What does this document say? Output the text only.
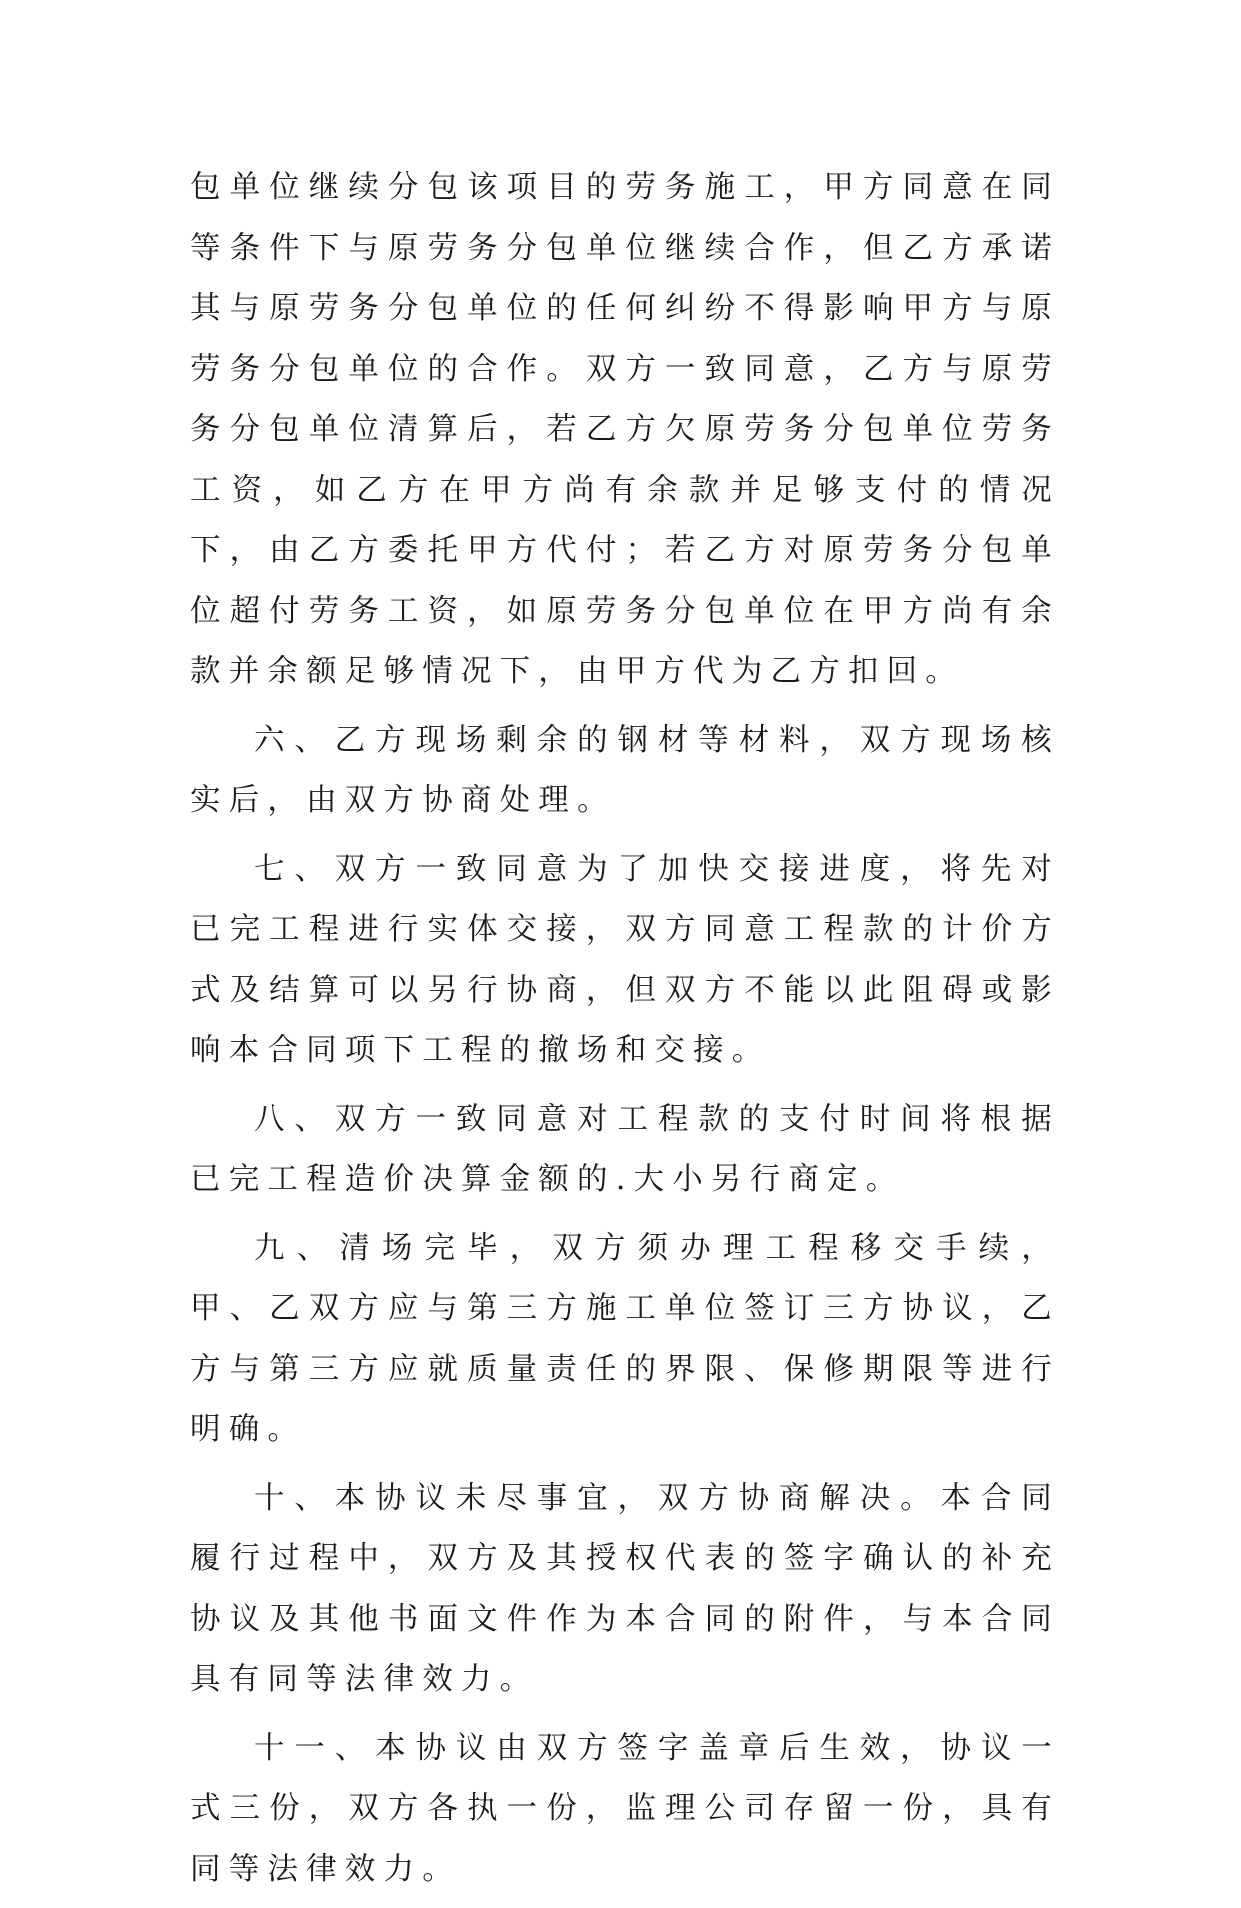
包单位继续分包该项目的劳务施工，甲方同意在同等条件下与原劳务分包单位继续合作，但乙方承诺其与原劳务分包单位的任何纠纷不得影响甲方与原劳务分包单位的合作。双方一致同意，乙方与原劳务分包单位清算后，若乙方欠原劳务分包单位劳务工资，如乙方在甲方尚有余款并足够支付的情况下，由乙方委托甲方代付；若乙方对原劳务分包单位超付劳务工资，如原劳务分包单位在甲方尚有余款并余额足够情况下，由甲方代为乙方扣回。

六、乙方现场剩余的钢材等材料，双方现场核实后，由双方协商处理。

七、双方一致同意为了加快交接进度，将先对已完工程进行实体交接，双方同意工程款的计价方式及结算可以另行协商，但双方不能以此阻碍或影响本合同项下工程的撤场和交接。

八、双方一致同意对工程款的支付时间将根据已完工程造价决算金额的.大小另行商定。

九、清场完毕，双方须办理工程移交手续，甲、乙双方应与第三方施工单位签订三方协议，乙方与第三方应就质量责任的界限、保修期限等进行明确。

十、本协议未尽事宜，双方协商解决。本合同履行过程中，双方及其授权代表的签字确认的补充协议及其他书面文件作为本合同的附件，与本合同具有同等法律效力。

十一、本协议由双方签字盖章后生效，协议一式三份，双方各执一份，监理公司存留一份，具有同等法律效力。
